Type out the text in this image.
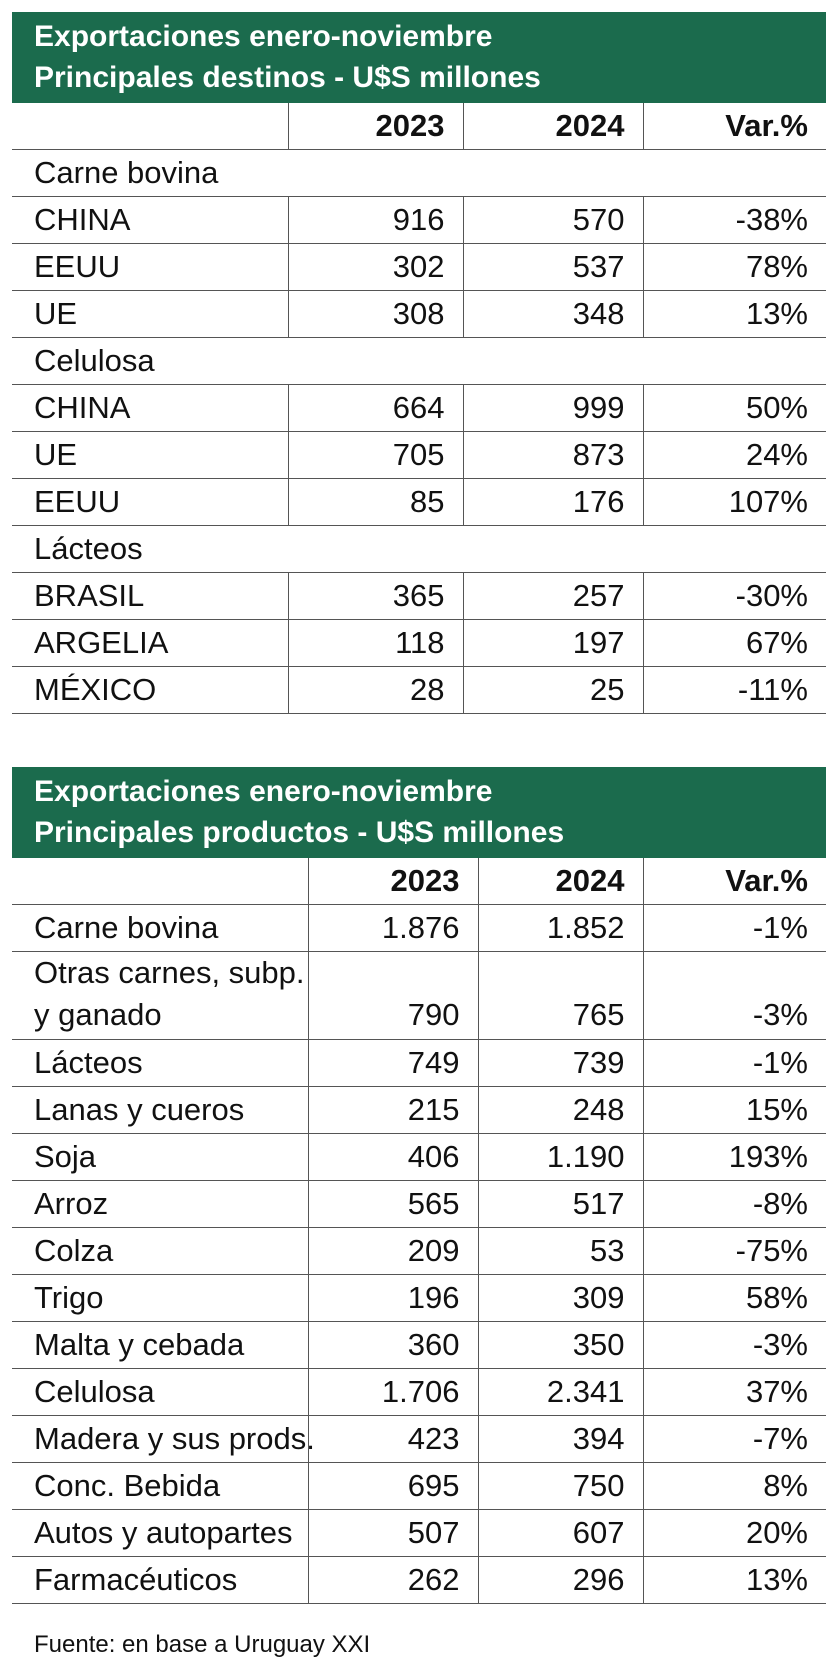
Exportaciones enero-noviembre
Principales destinos - U$S millones
	2023	2024	Var.%
Carne bovina			
CHINA	916	570	-38%
EEUU	302	537	78%
UE	308	348	13%
Celulosa			
CHINA	664	999	50%
UE	705	873	24%
EEUU	85	176	107%
Lácteos			
BRASIL	365	257	-30%
ARGELIA	118	197	67%
MÉXICO	28	25	-11%
Exportaciones enero-noviembre
Principales productos - U$S millones
	2023	2024	Var.%
Carne bovina	1.876	1.852	-1%

Otras carnes, subp.
y ganado	790	765	-3%
Lácteos	749	739	-1%
Lanas y cueros	215	248	15%
Soja	406	1.190	193%
Arroz	565	517	-8%
Colza	209	53	-75%
Trigo	196	309	58%
Malta y cebada	360	350	-3%
Celulosa	1.706	2.341	37%
Madera y sus prods.	423	394	-7%
Conc. Bebida	695	750	8%
Autos y autopartes	507	607	20%
Farmacéuticos	262	296	13%
Fuente: en base a Uruguay XXI
